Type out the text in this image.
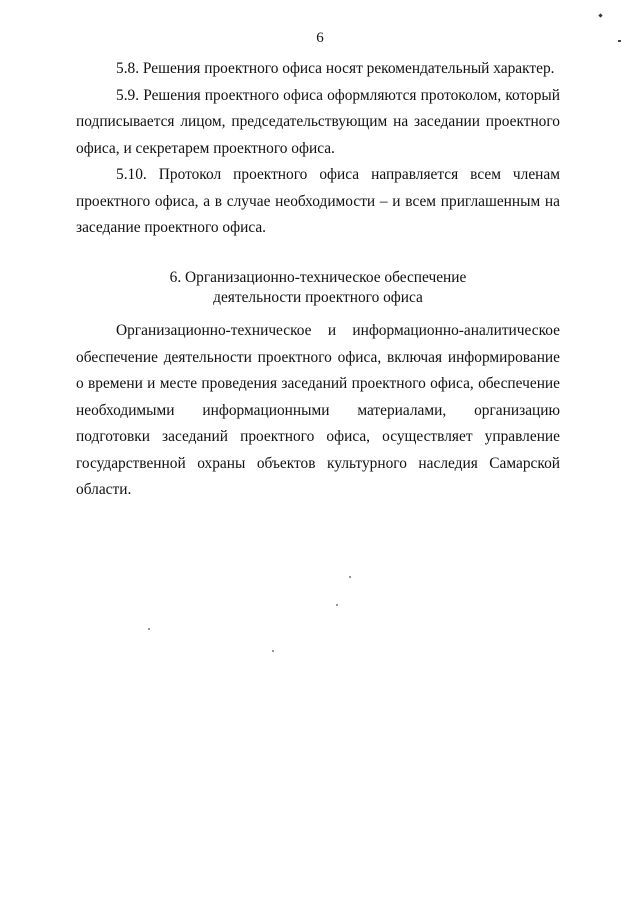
6

5.8. Решения проектного офиса носят рекомендательный характер.

5.9. Решения проектного офиса оформляются протоколом, который подписывается лицом, председательствующим на заседании проектного офиса, и секретарем проектного офиса.

5.10. Протокол проектного офиса направляется всем членам проектного офиса, а в случае необходимости – и всем приглашенным на заседание проектного офиса.

6. Организационно-техническое обеспечение
деятельности проектного офиса

Организационно-техническое и информационно-аналитическое обеспечение деятельности проектного офиса, включая информирование о времени и месте проведения заседаний проектного офиса, обеспечение необходимыми информационными материалами, организацию подготовки заседаний проектного офиса, осуществляет управление государственной охраны объектов культурного наследия Самарской области.
